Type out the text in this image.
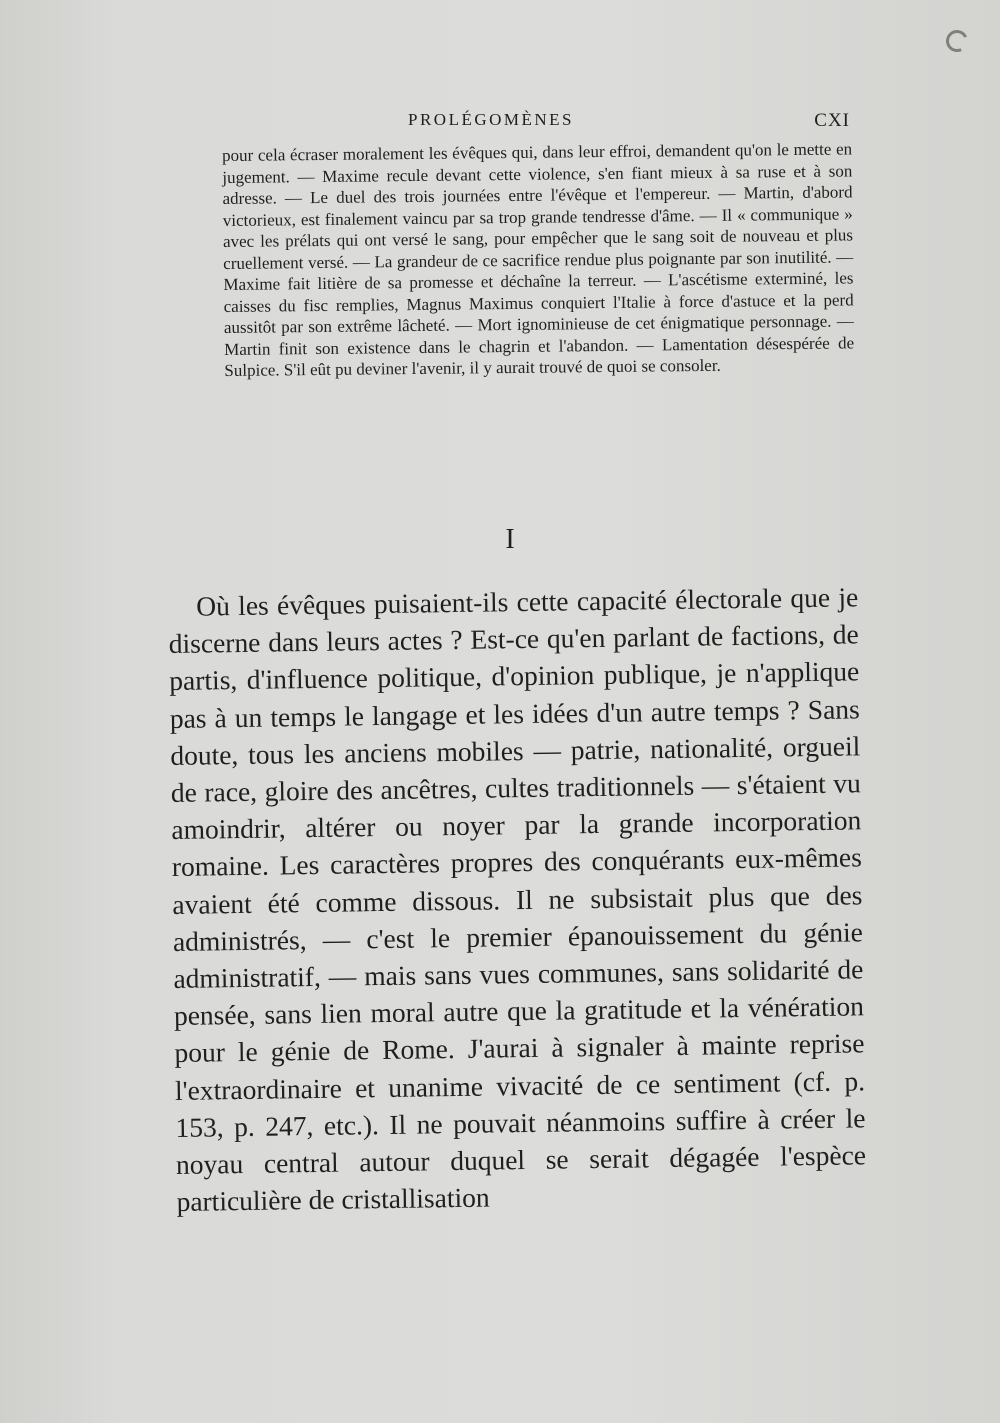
PROLÉGOMÈNES	CXI

pour cela écraser moralement les évêques qui, dans leur effroi, demandent qu'on le mette en jugement. — Maxime recule devant cette violence, s'en fiant mieux à sa ruse et à son adresse. — Le duel des trois journées entre l'évêque et l'empereur. — Martin, d'abord victorieux, est finalement vaincu par sa trop grande tendresse d'âme. — Il « communique » avec les prélats qui ont versé le sang, pour empêcher que le sang soit de nouveau et plus cruellement versé. — La grandeur de ce sacrifice rendue plus poignante par son inutilité. — Maxime fait litière de sa promesse et déchaîne la terreur. — L'ascétisme exterminé, les caisses du fisc remplies, Magnus Maximus conquiert l'Italie à force d'astuce et la perd aussitôt par son extrême lâcheté. — Mort ignominieuse de cet énigmatique personnage. — Martin finit son existence dans le chagrin et l'abandon. — Lamentation désespérée de Sulpice. S'il eût pu deviner l'avenir, il y aurait trouvé de quoi se consoler.

I

Où les évêques puisaient-ils cette capacité électorale que je discerne dans leurs actes ? Est-ce qu'en parlant de factions, de partis, d'influence politique, d'opinion publique, je n'applique pas à un temps le langage et les idées d'un autre temps ? Sans doute, tous les anciens mobiles — patrie, nationalité, orgueil de race, gloire des ancêtres, cultes traditionnels — s'étaient vu amoindrir, altérer ou noyer par la grande incorporation romaine. Les caractères propres des conquérants eux-mêmes avaient été comme dissous. Il ne subsistait plus que des administrés, — c'est le premier épanouissement du génie administratif, — mais sans vues communes, sans solidarité de pensée, sans lien moral autre que la gratitude et la vénération pour le génie de Rome. J'aurai à signaler à mainte reprise l'extraordinaire et unanime vivacité de ce sentiment (cf. p. 153, p. 247, etc.). Il ne pouvait néanmoins suffire à créer le noyau central autour duquel se serait dégagée l'espèce particulière de cristallisation
